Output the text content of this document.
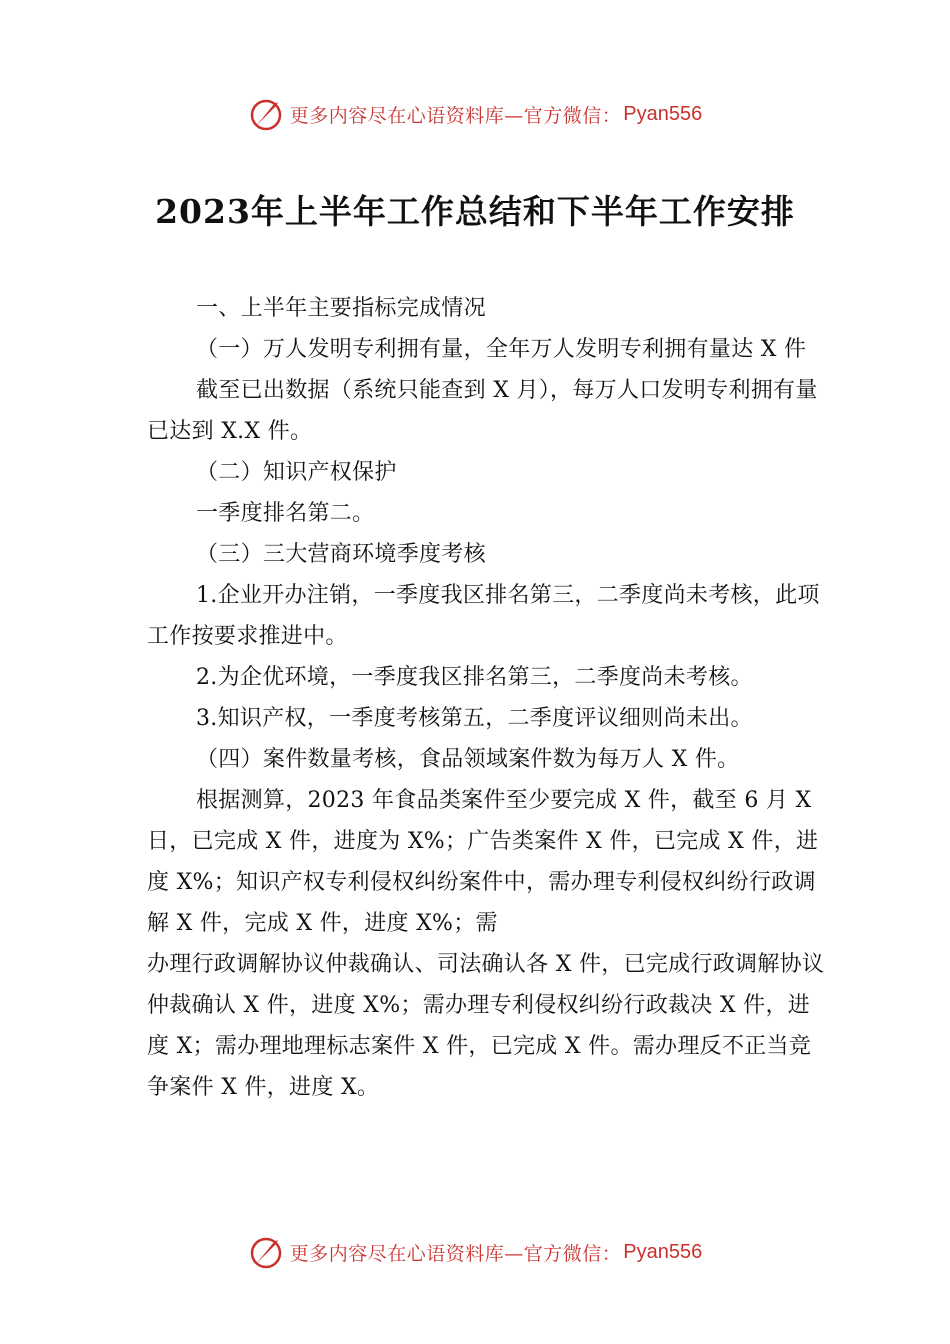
更多内容尽在心语资料库—官方微信： Pyan556
2023年上半年工作总结和下半年工作安排

一、上半年主要指标完成情况

（一）万人发明专利拥有量，全年万人发明专利拥有量达 X 件

截至已出数据（系统只能查到 X 月），每万人口发明专利拥有量已达到 X.X 件。

（二）知识产权保护

一季度排名第二。

（三）三大营商环境季度考核

1.企业开办注销，一季度我区排名第三，二季度尚未考核，此项工作按要求推进中。

2.为企优环境，一季度我区排名第三，二季度尚未考核。

3.知识产权，一季度考核第五，二季度评议细则尚未出。

（四）案件数量考核，食品领域案件数为每万人 X 件。

根据测算，2023 年食品类案件至少要完成 X 件，截至 6 月 X 日，已完成 X 件，进度为 X%；广告类案件 X 件，已完成 X 件，进度 X%；知识产权专利侵权纠纷案件中，需办理专利侵权纠纷行政调解 X 件，完成 X 件，进度 X%；需

办理行政调解协议仲裁确认、司法确认各 X 件，已完成行政调解协议仲裁确认 X 件，进度 X%；需办理专利侵权纠纷行政裁决 X 件，进度 X；需办理地理标志案件 X 件，已完成 X 件。需办理反不正当竞争案件 X 件，进度 X。

更多内容尽在心语资料库—官方微信： Pyan556
